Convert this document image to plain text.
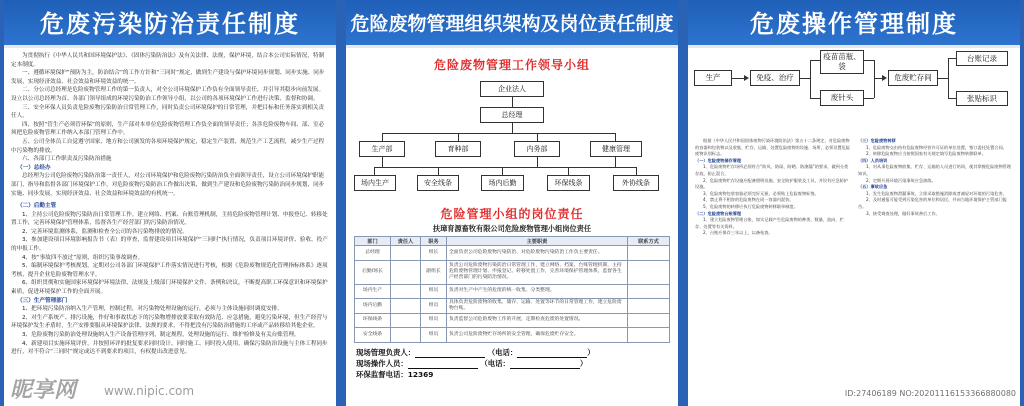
危废污染防治责任制度

为贯彻执行《中华人民共和国环境保护法》、《固体污染防治法》及有关法律、法规，保护环境，结合本公司实际情况，特制定本制度。

一、遵循环境保护“预防为主，防治结合”的工作方针和“三同时”规定，做到生产建设与保护环境同步规划、同步实施、同步发展，实现经济效益、社会效益和环境效益的统一。

二、分公司总经理是危险废物管理工作的第一负责人，对全公司环境保护工作负有全面领导责任，并引导其稳步向前发展。设立以公司总经理为首、各部门领导组成的环境污染防治工作领导小组，以公司的各项环境保护工作进行决策、监督和协调。

三、安全环保人员负责危险废物污染防治日常管理工作，同时负责公司环境保护的日常管理，并把目标和任务落实到相关责任人。

四、按照“管生产必须管环保”的原则，生产部对本单位危险废物管理工作负全面的领导责任；各涉危险废物车间、部、室必须把危险废物管理工作纳入本部门管理工作中。

五、公司全体员工自觉遵守国家、地方和公司颁发的各项环境保护规定，稳定生产装置，规范生产工艺流程，减少生产过程中污染物的排放。

六、各部门工作职责及污染防治措施

（一）总经办

总经理为公司危险废物污染防治第一责任人，对公司环境保护和危险废物污染防治负全面领导责任，设立公司环境保护职能部门，指导和监督各部门环境保护工作，对危险废物污染防治工作做出决策，做到生产建设和危险废物污染防治同步规划、同步实施、同步发展，实现经济效益、社会效益和环境效益的有机统一。

（二）后勤主管

1、主持公司危险废物污染防治日常管理工作。建立网络、档案、台账管理机制，主持危险废物管理计划、申报登记、转移处置工作，完善环境保护管理体系，监督各生产经营部门的污染防治情况。

2、完善环境监测体系，监测和检查全公司的各污染物排放的情况。

3、参加建设项目环境影响报告书（表）的审查，监督建设项目环境保护“三同时”执行情况，负责项目环境评价、验收、投产的申报工作。

4、按“事故四不放过”原则，组织污染事故调查。

5、编制环境保护考核规划，定期对公司各部门环境保护工作落实情况进行考核，根据《危险废物规范化管理指标体系》逐项考核，提升企业危险废物管理水平。

6、组织贯彻和实施国家环境保护环境法律、法规及上级部门环境保护文件、条例和决议，不断提高职工环保意识和环境保护素质，促进环境保护工作的全面开展。

（三）生产管理部门

1、把环境污染防治纳入生产管理，控制过程，对污染物处理设施的运行，必须与主体设施同时调度安排。

2、对生产系统产、排污设施，作好和事故状态下的污染物增排放要采取有效防范、应急措施，避免污染环境，但生产经营与环境保护发生矛盾时，生产安排要服从环境保护法律、法规的要求，不得把没有污染防治措施的工序或产品转移给其他企业。

3、危险废物污染防治处理设施纳入生产设备管理序列，制定规程，处理设施的运行、维护检修及有关台账管理。

4、新建项目实施环境评价，并按照环评的批复要求同时设计、同时施工、同时投入使用，确保污染防治设施与主体工程同步进行，对不符合“三同时”规定或达不到要求的项目，有权提出改进意见。

昵享网 www.nipic.com
危险废物管理组织架构及岗位责任制度
危险废物管理工作领导小组
企业法人
总经理
生产部	育种部	内务部	健康管理
场内生产	安全线条	场内后勤	环保线条	外协线条
危险管理小组的岗位责任
扶璋育源畜牧有限公司危险废物管理小组岗位责任
部门	责任人	职务	主要职责	联系方式
总经理		组长	全面负责公司危险废物污染防治、对危险废物污染防治工作负主要责任。	
后勤/场长		副组长	负责公司危险废物污染防治日常管理工作，建立网络、档案、台账管理机制，主持危险废物管理计划、申报登记、转移处置工作，完善环境保护管理体系，监督各生产经营部门的污染防治情况。	
场内生产		组员	负责对生产中产生的危废的统一收集、分类整理。	
场内后勤		组员	具体负责危险废物的收集、储存、运输、处置等环节的日常管理工作，建立危险废物台账。	
环保线条		组员	负责监督公司危险废物工作的开展，定期检查危废的处置情况。	
安全线条		组员	负责公司危险废物贮存场所的安全管理，确保危废贮存安全。	
现场管理负责人：	（电话：	）
现场操作人员：	（电话：	）
环保监督电话：12369
危废操作管理制度
生产	免疫、治疗
疫苗苗瓶、袋
废针头
危废贮存间
台账记录
张贴标识

根据《中华人民共和国固体废物污染环境防治法》第五十二条规定，对危险废物的容器和包装物以及收集、贮存、运输、处置危险废物的设施、场所，必须设置危险废物识别标志。

（一）危险废物储存管理

1、危险废物贮存场所必须符合“防风、防雨、防晒、防渗漏”的要求，做到分类存放，防止混合。

2、危险废物贮存设施应配备照明设施、安全防护服装及工具，并设有应急防护设施。

3、危险废物包装容器必须完好无损，必须贴上危险废物标签。

4、禁止将不相容的危险废物在同一容器内混装。

5、危险废物的转移应执行危险废物转移联单制度。

（二）危险废物台账管理

1、建立危险废物管理台账，如实记载产生危险废物的种类、数量、流向、贮存、处置等有关资料。

2、台账应保存三年以上，以备检查。

（三）危险废物转移

1、危险废物交由持有危险废物经营许可证的单位处置，签订委托处置合同。

2、转移危险废物应当按照国家有关规定填写危险废物转移联单。

（四）人员培训

1、对从事危险废物收集、贮存、运输的人员进行培训，使其掌握危险废物管理知识。

2、定期开展环境污染事故应急演练。

（五）事故应急

1、发生危险废物泄漏事故，立即采取措施消除或者减轻对环境的污染危害。

2、及时通报可能受到污染危害的单位和居民，并向当地环境保护主管部门报告。

3、接受调查处理，做好事故善后工作。

ID:27406189 NO:20201116153366880080
